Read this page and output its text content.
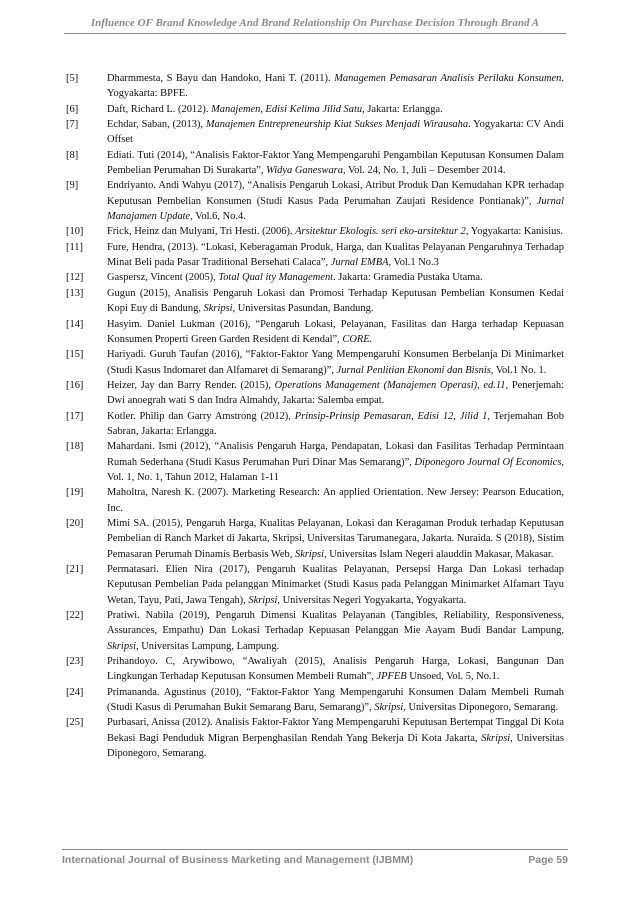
Influence OF Brand Knowledge And Brand Relationship On Purchase Decision Through Brand A
[5]	Dharmmesta, S Bayu dan Handoko, Hani T. (2011). Managemen Pemasaran Analisis Perilaku Konsumen. Yogyakarta: BPFE.
[6]	Daft, Richard L. (2012). Manajemen, Edisi Kelima Jilid Satu, Jakarta: Erlangga.
[7]	Echdar, Saban, (2013), Manajemen Entrepreneurship Kiat Sukses Menjadi Wirausaha. Yogyakarta: CV Andi Offset
[8]	Ediati. Tuti (2014), “Analisis Faktor-Faktor Yang Mempengaruhi Pengambilan Keputusan Konsumen Dalam Pembelian Perumahan Di Surakarta”, Widya Ganeswara, Vol. 24, No. 1, Juli – Desember 2014.
[9]	Endriyanto. Andi Wahyu (2017), “Analisis Pengaruh Lokasi, Atribut Produk Dan Kemudahan KPR terhadap Keputusan Pembelian Konsumen (Studi Kasus Pada Perumahan Zaujati Residence Pontianak)”, Jurnal Manajamen Update, Vol.6, No.4.
[10]	Frick, Heinz dan Mulyani, Tri Hesti. (2006). Arsitektur Ekologis. seri eko-arsitektur 2, Yogyakarta: Kanisius.
[11]	Fure, Hendra, (2013). “Lokasi, Keberagaman Produk, Harga, dan Kualitas Pelayanan Pengaruhnya Terhadap Minat Beli pada Pasar Traditional Bersehati Calaca”, Jurnal EMBA, Vol.1 No.3
[12]	Gaspersz, Vincent (2005), Total Qual ity Management. Jakarta: Gramedia Pustaka Utama.
[13]	Gugun (2015), Analisis Pengaruh Lokasi dan Promosi Terhadap Keputusan Pembelian Konsumen Kedai Kopi Euy di Bandung, Skripsi, Universitas Pasundan, Bandung.
[14]	Hasyim. Daniel Lukman (2016), “Pengaruh Lokasi, Pelayanan, Fasilitas dan Harga terhadap Kepuasan Konsumen Properti Green Garden Resident di Kendal”, CORE.
[15]	Hariyadi. Guruh Taufan (2016), “Faktor-Faktor Yang Mempengaruhi Konsumen Berbelanja Di Minimarket (Studi Kasus Indomaret dan Alfamaret di Semarang)”, Jurnal Penlitian Ekonomi dan Bisnis, Vol.1 No. 1.
[16]	Heizer, Jay dan Barry Render. (2015), Operations Management (Manajemen Operasi), ed.11, Penerjemah: Dwi anoegrah wati S dan Indra Almahdy, Jakarta: Salemba empat.
[17]	Kotler. Philip dan Garry Amstrong (2012), Prinsip-Prinsip Pemasaran, Edisi 12, Jilid 1, Terjemahan Bob Sabran, Jakarta: Erlangga.
[18]	Mahardani. Ismi (2012), “Analisis Pengaruh Harga, Pendapatan, Lokasi dan Fasilitas Terhadap Permintaan Rumah Sederhana (Studi Kasus Perumahan Puri Dinar Mas Semarang)”, Diponegoro Journal Of Economics, Vol. 1, No. 1, Tahun 2012, Halaman 1-11
[19]	Maholtra, Naresh K. (2007). Marketing Research: An applied Orientation. New Jersey: Pearson Education, Inc.
[20]	Mimi SA. (2015), Pengaruh Harga, Kualitas Pelayanan, Lokasi dan Keragaman Produk terhadap Keputusan Pembelian di Ranch Market di Jakarta, Skripsi, Universitas Tarumanegara, Jakarta. Nuraida. S (2018), Sistim Pemasaran Perumah Dinamis Berbasis Web, Skripsi, Universitas Islam Negeri alauddin Makasar, Makasar.
[21]	Permatasari. Elien Nira (2017), Pengaruh Kualitas Pelayanan, Persepsi Harga Dan Lokasi terhadap Keputusan Pembelian Pada pelanggan Minimarket (Studi Kasus pada Pelanggan Minimarket Alfamart Tayu Wetan, Tayu, Pati, Jawa Tengah), Skripsi, Universitas Negeri Yogyakarta, Yogyakarta.
[22]	Pratiwi. Nabila (2019), Pengaruh Dimensi Kualitas Pelayanan (Tangibles, Reliability, Responsiveness, Assurances, Empathu) Dan Lokasi Terhadap Kepuasan Pelanggan Mie Aayam Budi Bandar Lampung, Skripsi, Universitas Lampung, Lampung.
[23]	Prihandoyo. C, Arywibowo, “Awaliyah (2015), Analisis Pengaruh Harga, Lokasi, Bangunan Dan Lingkungan Terhadap Keputusan Konsumen Membeli Rumah”, JPFEB Unsoed, Vol. 5, No.1.
[24]	Primananda. Agustinus (2010), “Faktor-Faktor Yang Mempengaruhi Konsumen Dalam Membeli Rumah (Studi Kasus di Perumahan Bukit Semarang Baru, Semarang)”, Skripsi, Universitas Diponegoro, Semarang.
[25]	Purbasari, Anissa (2012). Analisis Faktor-Faktor Yang Mempengaruhi Keputusan Bertempat Tinggal Di Kota Bekasi Bagi Penduduk Migran Berpenghasilan Rendah Yang Bekerja Di Kota Jakarta, Skripsi, Universitas Diponegoro, Semarang.
International Journal of Business Marketing and Management (IJBMM)	Page 59
